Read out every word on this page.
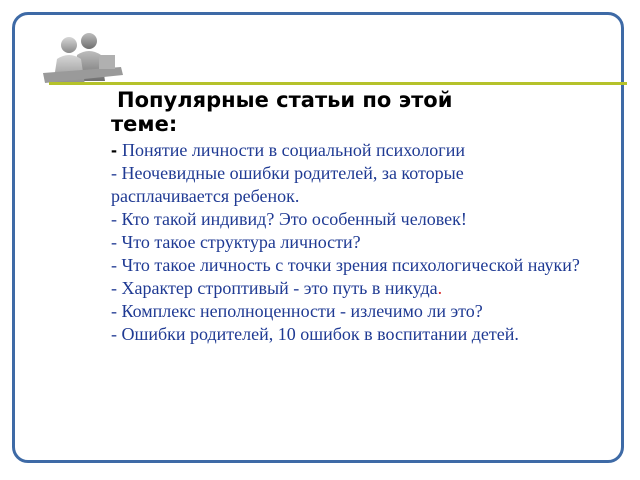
Популярные статьи по этой
теме:
- Понятие личности в социальной психологии
- Неочевидные ошибки родителей, за которые расплачивается ребенок.
- Кто такой индивид? Это особенный человек!
- Что такое структура личности?
- Что такое личность с точки зрения психологической науки?
- Характер строптивый - это путь в никуда.
- Комплекс неполноценности - излечимо ли это?
- Ошибки родителей, 10 ошибок в воспитании детей.
